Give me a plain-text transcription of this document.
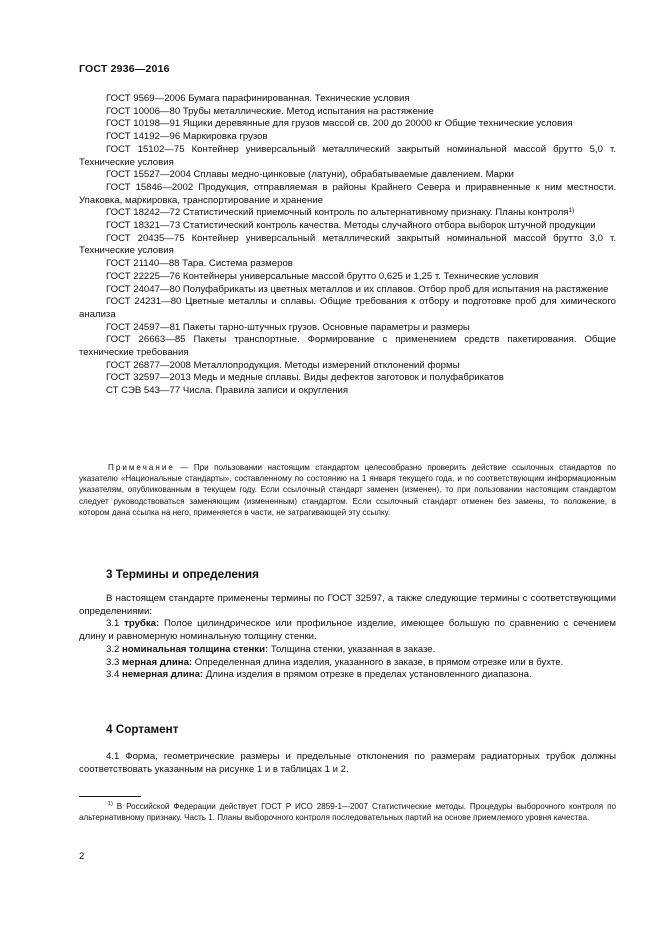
ГОСТ 2936—2016
ГОСТ 9569—2006 Бумага парафинированная. Технические условия
ГОСТ 10006—80 Трубы металлические. Метод испытания на растяжение
ГОСТ 10198—91 Ящики деревянные для грузов массой св. 200 до 20000 кг Общие технические условия
ГОСТ 14192—96 Маркировка грузов
ГОСТ 15102—75 Контейнер универсальный металлический закрытый номинальной массой брутто 5,0 т. Технические условия
ГОСТ 15527—2004 Сплавы медно-цинковые (латуни), обрабатываемые давлением. Марки
ГОСТ 15846—2002 Продукция, отправляемая в районы Крайнего Севера и приравненные к ним местности. Упаковка, маркировка, транспортирование и хранение
ГОСТ 18242—72 Статистический приемочный контроль по альтернативному признаку. Планы контроля$^{1)}$
ГОСТ 18321—73 Статистический контроль качества. Методы случайного отбора выборок штучной продукции
ГОСТ 20435—75 Контейнер универсальный металлический закрытый номинальной массой брутто 3,0 т. Технические условия
ГОСТ 21140—88 Тара. Система размеров
ГОСТ 22225—76 Контейнеры универсальные массой брутто 0,625 и 1,25 т. Технические условия
ГОСТ 24047—80 Полуфабрикаты из цветных металлов и их сплавов. Отбор проб для испытания на растяжение
ГОСТ 24231—80 Цветные металлы и сплавы. Общие требования к отбору и подготовке проб для химического анализа
ГОСТ 24597—81 Пакеты тарно-штучных грузов. Основные параметры и размеры
ГОСТ 26663—85 Пакеты транспортные. Формирование с применением средств пакетирования. Общие технические требования
ГОСТ 26877—2008 Металлопродукция. Методы измерений отклонений формы
ГОСТ 32597—2013 Медь и медные сплавы. Виды дефектов заготовок и полуфабрикатов
СТ СЭВ 543—77 Числа. Правила записи и округления
Примечание — При пользовании настоящим стандартом целесообразно проверить действие ссылочных стандартов по указателю «Национальные стандарты», составленному по состоянию на 1 января текущего года, и по соответствующим информационным указателям, опубликованным в текущем году. Если ссылочный стандарт заменен (изменен), то при пользовании настоящим стандартом следует руководствоваться заменяющим (измененным) стандартом. Если ссылочный стандарт отменен без замены, то положение, в котором дана ссылка на него, применяется в части, не затрагивающей эту ссылку.
3 Термины и определения

В настоящем стандарте применены термины по ГОСТ 32597, а также следующие термины с соответствующими определениями:

3.1 трубка: Полое цилиндрическое или профильное изделие, имеющее большую по сравнению с сечением длину и равномерную номинальную толщину стенки.

3.2 номинальная толщина стенки: Толщина стенки, указанная в заказе.

3.3 мерная длина: Определенная длина изделия, указанного в заказе, в прямом отрезке или в бухте.

3.4 немерная длина: Длина изделия в прямом отрезке в пределах установленного диапазона.

4 Сортамент

4.1 Форма, геометрические размеры и предельные отклонения по размерам радиаторных трубок должны соответствовать указанным на рисунке 1 и в таблицах 1 и 2.

$^{1)}$ В Российской Федерации действует ГОСТ Р ИСО 2859-1—2007 Статистические методы. Процедуры выборочного контроля по альтернативному признаку. Часть 1. Планы выборочного контроля последовательных партий на основе приемлемого уровня качества.
2
